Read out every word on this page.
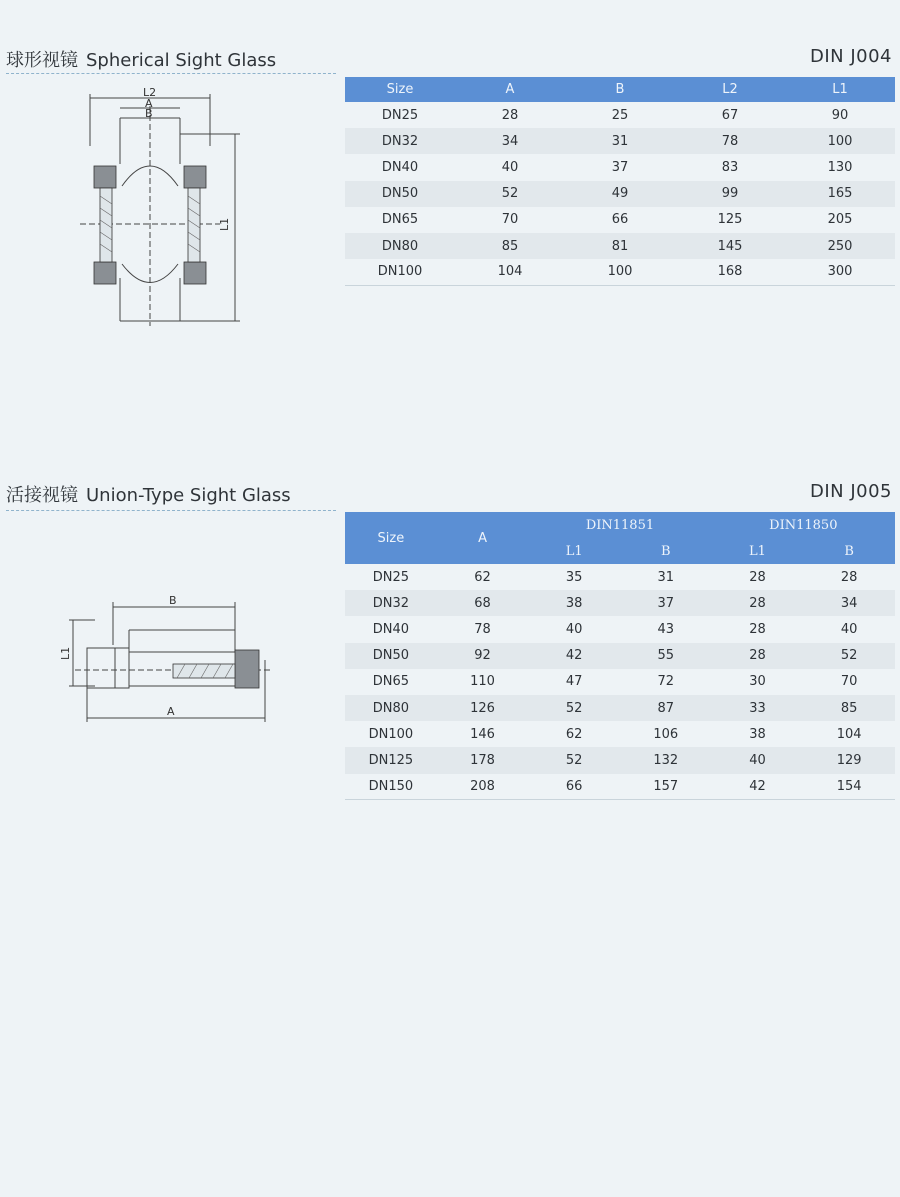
球形视镜 Spherical Sight Glass	DIN J004
L2
A
B
L1
Size	A	B	L2	L1
DN25	28	25	67	90
DN32	34	31	78	100
DN40	40	37	83	130
DN50	52	49	99	165
DN65	70	66	125	205
DN80	85	81	145	250
DN100	104	100	168	300
活接视镜 Union-Type Sight Glass	DIN J005
B
L1
A
Size	A	DIN11851		DIN11850	
		L1	B	L1	B
DN25	62	35	31	28	28
DN32	68	38	37	28	34
DN40	78	40	43	28	40
DN50	92	42	55	28	52
DN65	110	47	72	30	70
DN80	126	52	87	33	85
DN100	146	62	106	38	104
DN125	178	52	132	40	129
DN150	208	66	157	42	154
